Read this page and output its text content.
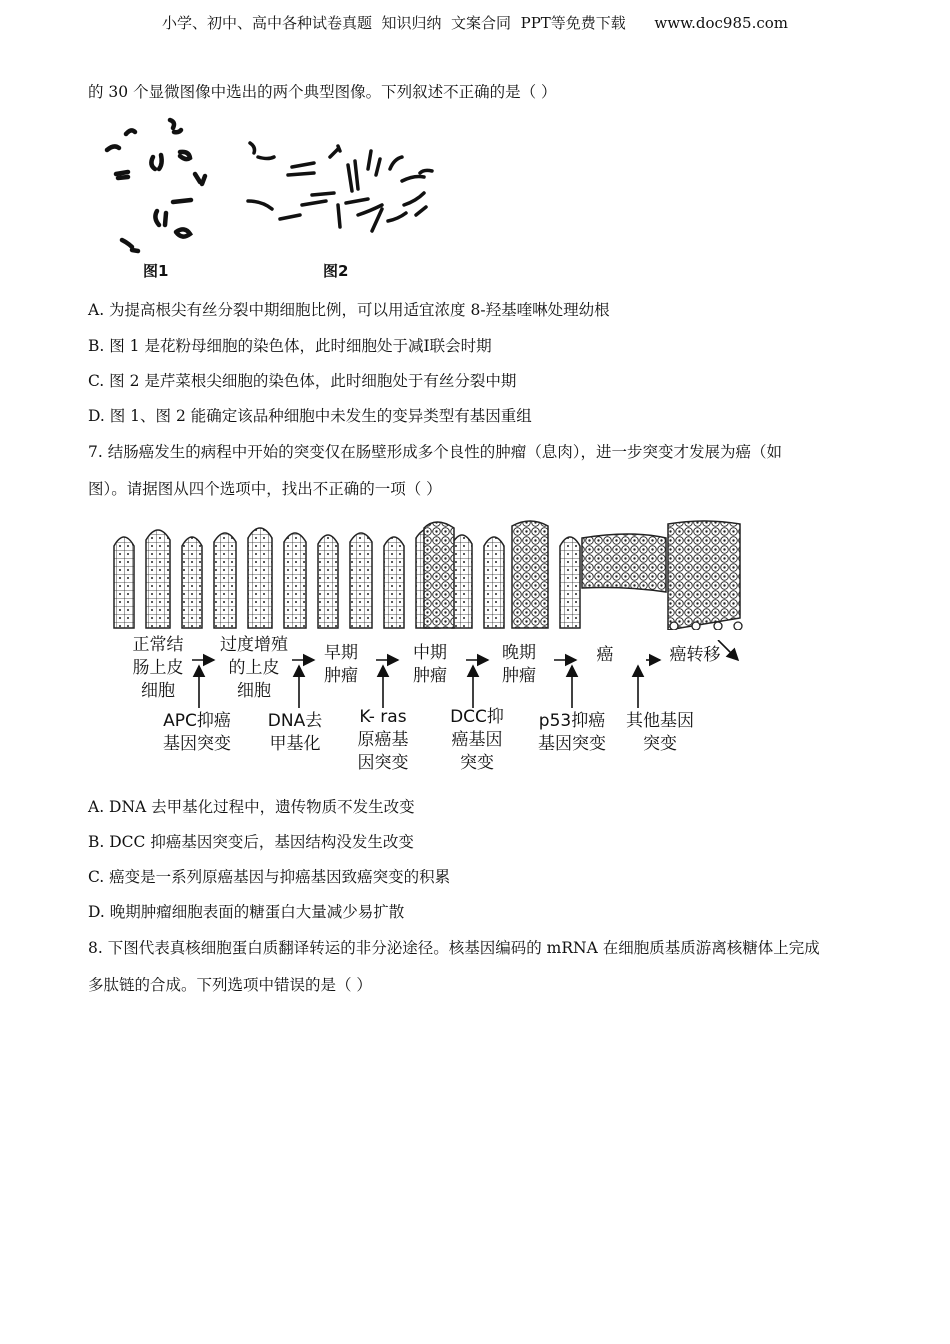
小学、初中、高中各种试卷真题  知识归纳  文案合同  PPT等免费下载      www.doc985.com
的 30 个显微图像中选出的两个典型图像。下列叙述不正确的是（ ）
图1	图2
A. 为提高根尖有丝分裂中期细胞比例，可以用适宜浓度 8-羟基喹啉处理幼根
B. 图 1 是花粉母细胞的染色体，此时细胞处于减Ⅰ联会时期
C. 图 2 是芹菜根尖细胞的染色体，此时细胞处于有丝分裂中期
D. 图 1、图 2 能确定该品种细胞中未发生的变异类型有基因重组
7. 结肠癌发生的病程中开始的突变仅在肠壁形成多个良性的肿瘤（息肉），进一步突变才发展为癌（如
图）。请据图从四个选项中，找出不正确的一项（ ）
正常结
肠上皮
细胞
过度增殖
的上皮
细胞
早期
肿瘤
中期
肿瘤
晚期
肿瘤
癌	癌转移
APC抑癌
基因突变
DNA去
甲基化
K- ras
原癌基
因突变
DCC抑
癌基因
突变
p53抑癌
基因突变
其他基因
突变
A. DNA 去甲基化过程中，遗传物质不发生改变
B. DCC 抑癌基因突变后，基因结构没发生改变
C. 癌变是一系列原癌基因与抑癌基因致癌突变的积累
D. 晚期肿瘤细胞表面的糖蛋白大量减少易扩散
8. 下图代表真核细胞蛋白质翻译转运的非分泌途径。核基因编码的 mRNA 在细胞质基质游离核糖体上完成
多肽链的合成。下列选项中错误的是（ ）
